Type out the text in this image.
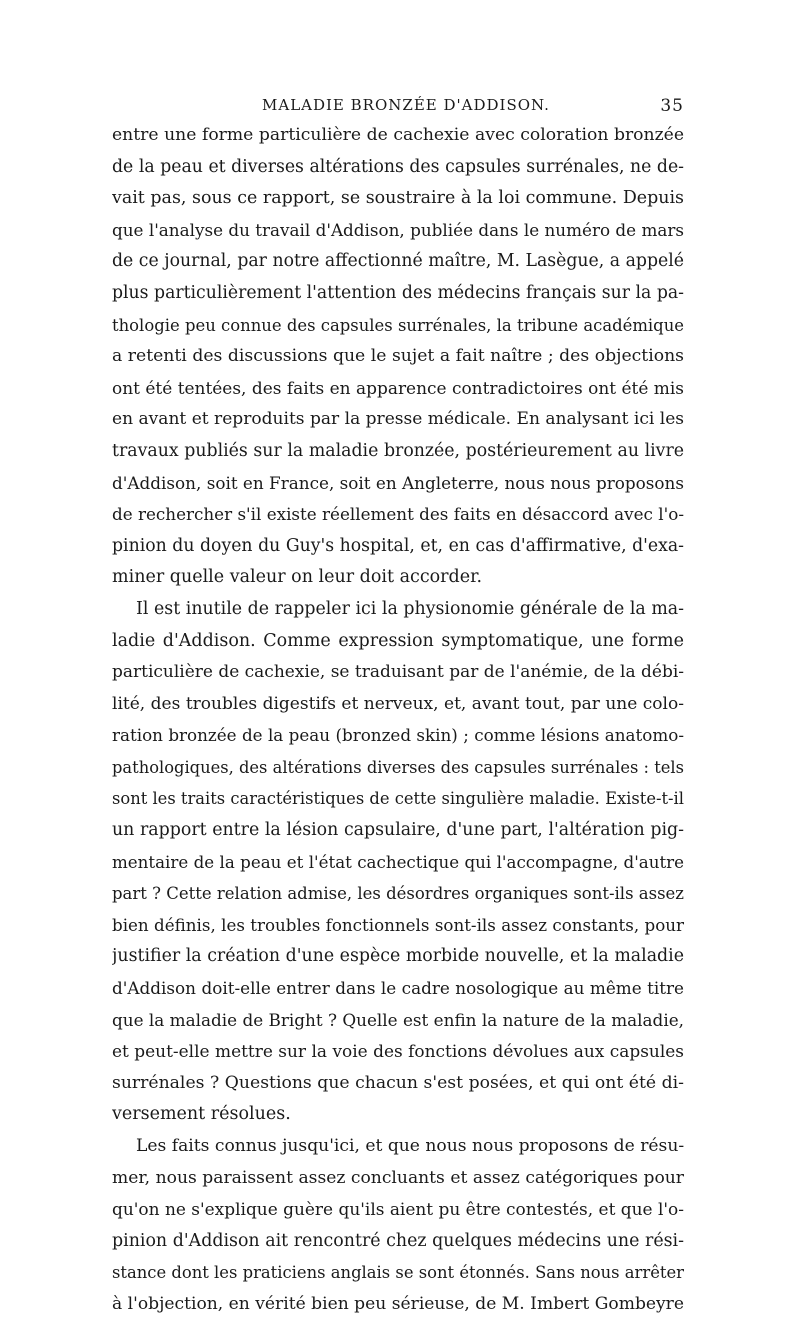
MALADIE BRONZÉE D'ADDISON.	35
entre une forme particulière de cachexie avec coloration bronzée
de la peau et diverses altérations des capsules surrénales, ne de-
vait pas, sous ce rapport, se soustraire à la loi commune. Depuis
que l'analyse du travail d'Addison, publiée dans le numéro de mars
de ce journal, par notre affectionné maître, M. Lasègue, a appelé
plus particulièrement l'attention des médecins français sur la pa-
thologie peu connue des capsules surrénales, la tribune académique
a retenti des discussions que le sujet a fait naître ; des objections
ont été tentées, des faits en apparence contradictoires ont été mis
en avant et reproduits par la presse médicale. En analysant ici les
travaux publiés sur la maladie bronzée, postérieurement au livre
d'Addison, soit en France, soit en Angleterre, nous nous proposons
de rechercher s'il existe réellement des faits en désaccord avec l'o-
pinion du doyen du Guy's hospital, et, en cas d'affirmative, d'exa-
miner quelle valeur on leur doit accorder.
Il est inutile de rappeler ici la physionomie générale de la ma-
ladie d'Addison. Comme expression symptomatique, une forme
particulière de cachexie, se traduisant par de l'anémie, de la débi-
lité, des troubles digestifs et nerveux, et, avant tout, par une colo-
ration bronzée de la peau (bronzed skin) ; comme lésions anatomo-
pathologiques, des altérations diverses des capsules surrénales : tels
sont les traits caractéristiques de cette singulière maladie. Existe-t-il
un rapport entre la lésion capsulaire, d'une part, l'altération pig-
mentaire de la peau et l'état cachectique qui l'accompagne, d'autre
part ? Cette relation admise, les désordres organiques sont-ils assez
bien définis, les troubles fonctionnels sont-ils assez constants, pour
justifier la création d'une espèce morbide nouvelle, et la maladie
d'Addison doit-elle entrer dans le cadre nosologique au même titre
que la maladie de Bright ? Quelle est enfin la nature de la maladie,
et peut-elle mettre sur la voie des fonctions dévolues aux capsules
surrénales ? Questions que chacun s'est posées, et qui ont été di-
versement résolues.
Les faits connus jusqu'ici, et que nous nous proposons de résu-
mer, nous paraissent assez concluants et assez catégoriques pour
qu'on ne s'explique guère qu'ils aient pu être contestés, et que l'o-
pinion d'Addison ait rencontré chez quelques médecins une rési-
stance dont les praticiens anglais se sont étonnés. Sans nous arrêter
à l'objection, en vérité bien peu sérieuse, de M. Imbert Gombeyre
